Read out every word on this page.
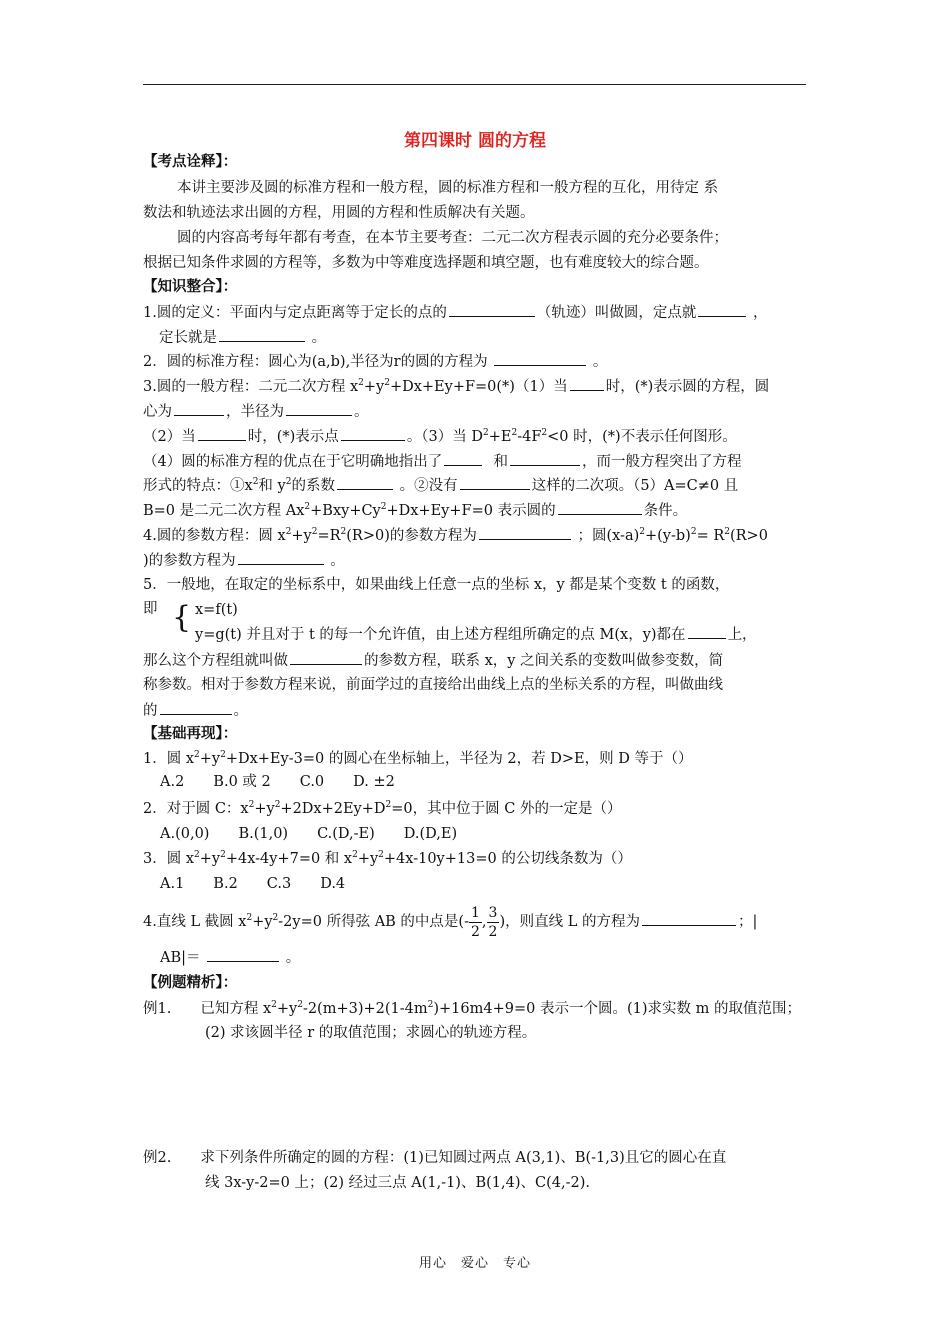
第四课时 圆的方程
【考点诠释】：
本讲主要涉及圆的标准方程和一般方程，圆的标准方程和一般方程的互化，用待定 系
数法和轨迹法求出圆的方程，用圆的方程和性质解决有关题。
圆的内容高考每年都有考查，在本节主要考查：二元二次方程表示圆的充分必要条件；
根据已知条件求圆的方程等，多数为中等难度选择题和填空题，也有难度较大的综合题。
【知识整合】：
1.圆的定义：平面内与定点距离等于定长的点的	（轨迹）叫做圆，定点就	，
定长就是	。
2．圆的标准方程：圆心为(a,b),半径为r的圆的方程为	。
3.圆的一般方程：二元二次方程 $x^2+y^2+Dx+Ey+F=0(*)(1)$当	时，(*)表示圆的方程，圆
心为	，半径为	。
（2）当	时，(*)表示点	。（3）当 $D^2+E^2-4F^2<0$ 时，(*)不表示任何图形。
（4）圆的标准方程的优点在于它明确地指出了	和	，而一般方程突出了方程
形式的特点：$①x^2$和 $y^2$的系数	。②没有	这样的二次项。（5）A=C≠0 且
B=0 是二元二次方程 $Ax^2+Bxy+Cy^2+Dx+Ey+F=0$ 表示圆的	条件。
4.圆的参数方程：圆 $x^2+y^2=R^2(R>0)$的参数方程为	；圆$(x-a)^2+(y-b)^2= R^2(R>0$
)的参数方程为	。
5．一般地，在取定的坐标系中，如果曲线上任意一点的坐标 x，y 都是某个变数 t 的函数，
即 { x=f(t)
y=g(t) 并且对于 t 的每一个允许值，由上述方程组所确定的点 M(x，y)都在	上，
那么这个方程组就叫做	的参数方程，联系 x，y 之间关系的变数叫做参变数，简
称参数。相对于参数方程来说，前面学过的直接给出曲线上点的坐标关系的方程，叫做曲线
的	。
【基础再现】：
1．圆 $x^2+y^2+Dx+Ey-3=0$ 的圆心在坐标轴上，半径为 2，若 D>E，则 D 等于（）
A.2　　B.0 或 2　　C.0　　D. ±2
2．对于圆 C：$x^2+y^2+2Dx+2Ey+D^2=0$，其中位于圆 C 外的一定是（）
A.(0,0)　　B.(1,0)　　C.(D,-E)　　D.(D,E)
3．圆 $x^2+y^2+4x-4y+7=0$ 和 $x^2+y^2+4x-10y+13=0$ 的公切线条数为（）
A.1　　B.2　　C.3　　D.4
4.直线 L 截圆 $x^2+y^2-2y=0$ 所得弦 AB 的中点是(- $\frac{1}{2}$ , $\frac{3}{2}$ )，则直线 L 的方程为	；|
AB|＝	。
【例题精析】：
例1.　　已知方程 $x^2+y^2-2(m+3)+2(1-4m^2)+16m4+9=0$ 表示一个圆。(1)求实数 m 的取值范围；
(2) 求该圆半径 r 的取值范围；求圆心的轨迹方程。
例2.　　求下列条件所确定的圆的方程：(1)已知圆过两点 A(3,1)、B(-1,3)且它的圆心在直
线 3x-y-2=0 上；(2) 经过三点 A(1,-1)、B(1,4)、C(4,-2).
用心　爱心　专心
